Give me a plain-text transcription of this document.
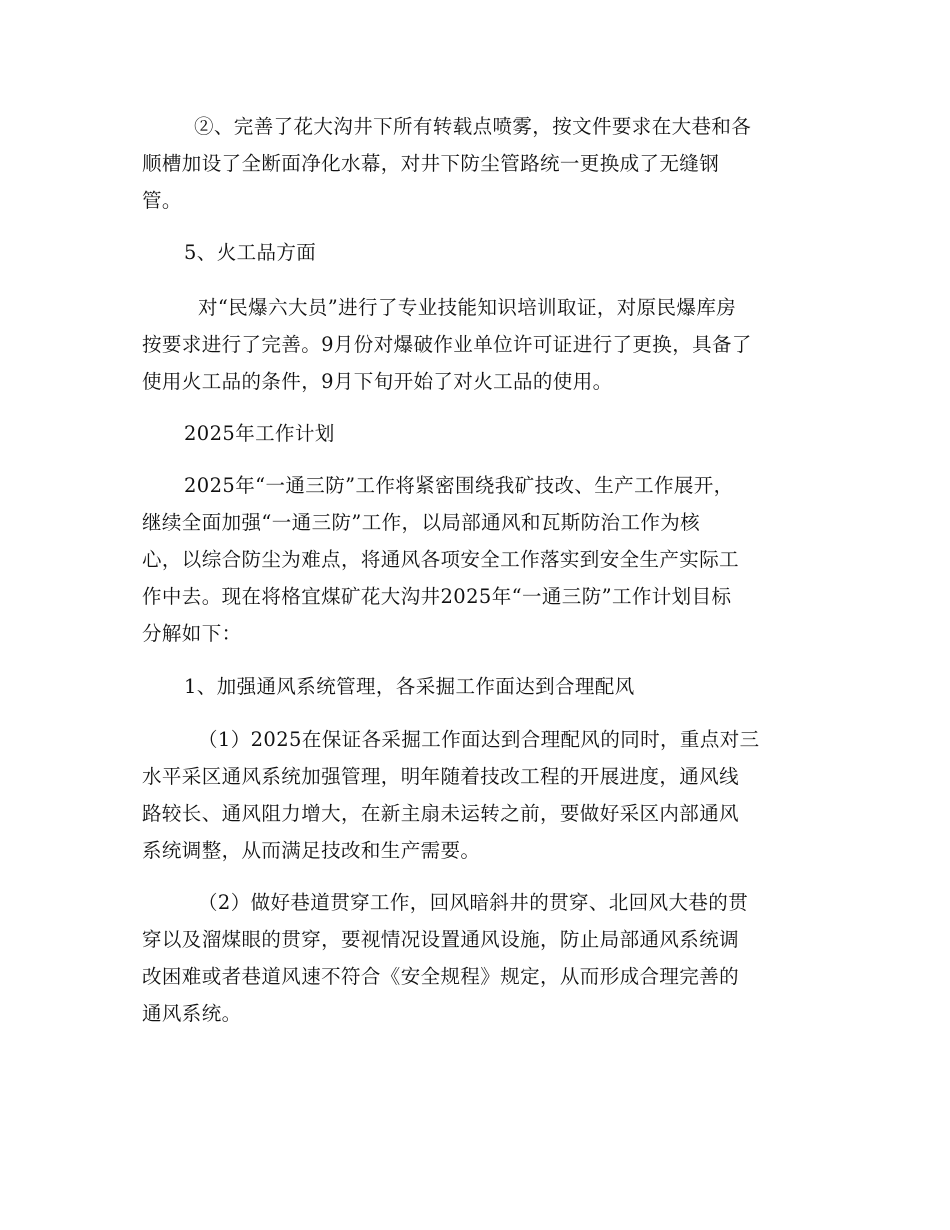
②、完善了花大沟井下所有转载点喷雾，按文件要求在大巷和各
顺槽加设了全断面净化水幕，对井下防尘管路统一更换成了无缝钢
管。

5、火工品方面

对“民爆六大员”进行了专业技能知识培训取证，对原民爆库房
按要求进行了完善。9月份对爆破作业单位许可证进行了更换，具备了
使用火工品的条件，9月下旬开始了对火工品的使用。

2025年工作计划

2025年“一通三防”工作将紧密围绕我矿技改、生产工作展开，
继续全面加强“一通三防”工作，以局部通风和瓦斯防治工作为核
心，以综合防尘为难点，将通风各项安全工作落实到安全生产实际工
作中去。现在将格宜煤矿花大沟井2025年“一通三防”工作计划目标
分解如下：

1、加强通风系统管理，各采掘工作面达到合理配风

（1）2025在保证各采掘工作面达到合理配风的同时，重点对三
水平采区通风系统加强管理，明年随着技改工程的开展进度，通风线
路较长、通风阻力增大，在新主扇未运转之前，要做好采区内部通风
系统调整，从而满足技改和生产需要。

（2）做好巷道贯穿工作，回风暗斜井的贯穿、北回风大巷的贯
穿以及溜煤眼的贯穿，要视情况设置通风设施，防止局部通风系统调
改困难或者巷道风速不符合《安全规程》规定，从而形成合理完善的
通风系统。
